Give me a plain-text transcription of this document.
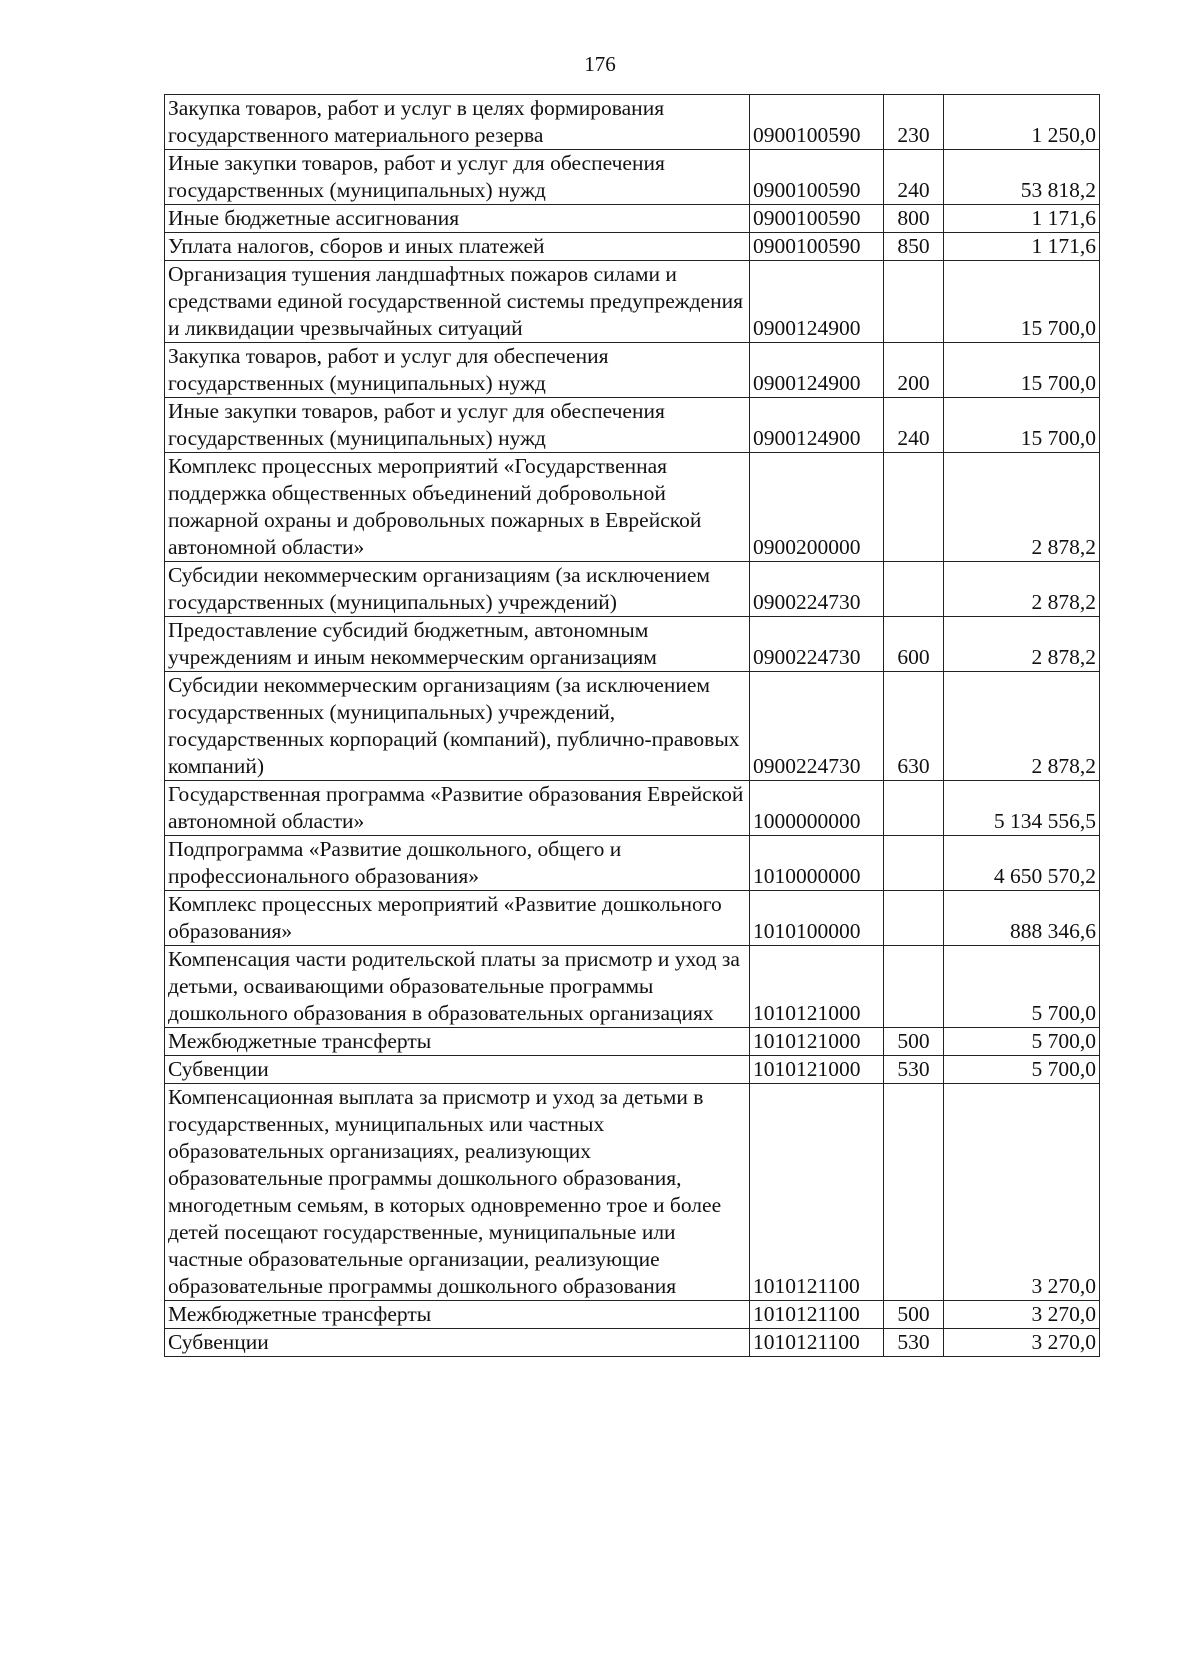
176
Закупка товаров, работ и услуг в целях формирования государственного материального резерва	0900100590	230	1 250,0
Иные закупки товаров, работ и услуг для обеспечения государственных (муниципальных) нужд	0900100590	240	53 818,2
Иные бюджетные ассигнования	0900100590	800	1 171,6
Уплата налогов, сборов и иных платежей	0900100590	850	1 171,6
Организация тушения ландшафтных пожаров силами и средствами единой государственной системы предупреждения и ликвидации чрезвычайных ситуаций	0900124900		15 700,0
Закупка товаров, работ и услуг для обеспечения государственных (муниципальных) нужд	0900124900	200	15 700,0
Иные закупки товаров, работ и услуг для обеспечения государственных (муниципальных) нужд	0900124900	240	15 700,0
Комплекс процессных мероприятий «Государственная поддержка общественных объединений добровольной пожарной охраны и добровольных пожарных в Еврейской автономной области»	0900200000		2 878,2
Субсидии некоммерческим организациям (за исключением государственных (муниципальных) учреждений)	0900224730		2 878,2
Предоставление субсидий бюджетным, автономным учреждениям и иным некоммерческим организациям	0900224730	600	2 878,2
Субсидии некоммерческим организациям (за исключением государственных (муниципальных) учреждений, государственных корпораций (компаний), публично-правовых компаний)	0900224730	630	2 878,2
Государственная программа «Развитие образования Еврейской автономной области»	1000000000		5 134 556,5
Подпрограмма «Развитие дошкольного, общего и профессионального образования»	1010000000		4 650 570,2
Комплекс процессных мероприятий «Развитие дошкольного образования»	1010100000		888 346,6
Компенсация части родительской платы за присмотр и уход за детьми, осваивающими образовательные программы дошкольного образования в образовательных организациях	1010121000		5 700,0
Межбюджетные трансферты	1010121000	500	5 700,0
Субвенции	1010121000	530	5 700,0
Компенсационная выплата за присмотр и уход за детьми в государственных, муниципальных или частных образовательных организациях, реализующих образовательные программы дошкольного образования, многодетным семьям, в которых одновременно трое и более детей посещают государственные, муниципальные или частные образовательные организации, реализующие образовательные программы дошкольного образования	1010121100		3 270,0
Межбюджетные трансферты	1010121100	500	3 270,0
Субвенции	1010121100	530	3 270,0
